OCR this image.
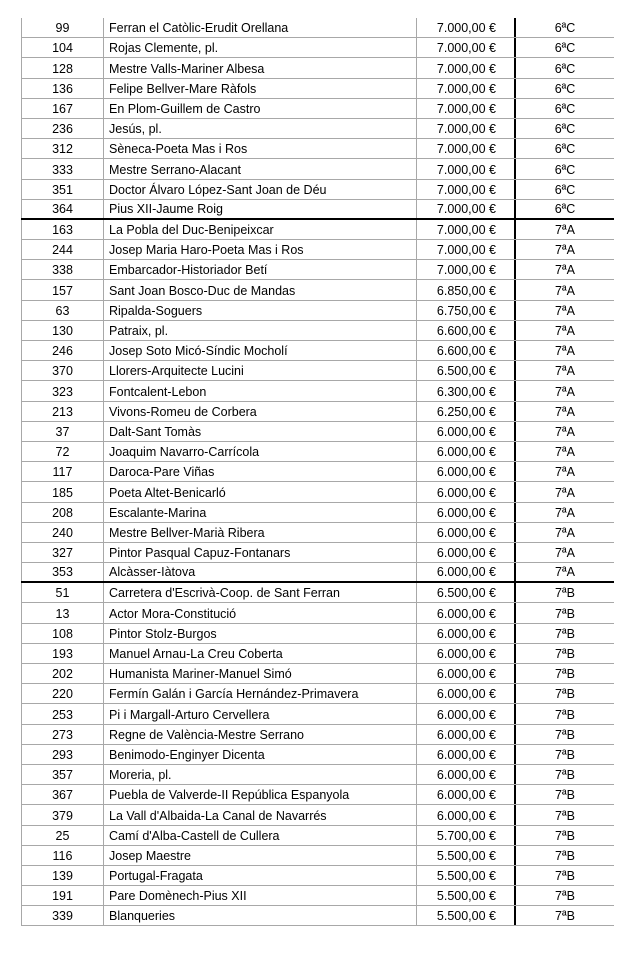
99	Ferran el Catòlic-Erudit Orellana	7.000,00 €	6ªC
104	Rojas Clemente, pl.	7.000,00 €	6ªC
128	Mestre Valls-Mariner Albesa	7.000,00 €	6ªC
136	Felipe Bellver-Mare Ràfols	7.000,00 €	6ªC
167	En Plom-Guillem de Castro	7.000,00 €	6ªC
236	Jesús, pl.	7.000,00 €	6ªC
312	Sèneca-Poeta Mas i Ros	7.000,00 €	6ªC
333	Mestre Serrano-Alacant	7.000,00 €	6ªC
351	Doctor Álvaro López-Sant Joan de Déu	7.000,00 €	6ªC
364	Pius XII-Jaume Roig	7.000,00 €	6ªC
163	La Pobla del Duc-Benipeixcar	7.000,00 €	7ªA
244	Josep Maria Haro-Poeta Mas i Ros	7.000,00 €	7ªA
338	Embarcador-Historiador Betí	7.000,00 €	7ªA
157	Sant Joan Bosco-Duc de Mandas	6.850,00 €	7ªA
63	Ripalda-Soguers	6.750,00 €	7ªA
130	Patraix, pl.	6.600,00 €	7ªA
246	Josep Soto Micó-Síndic Mocholí	6.600,00 €	7ªA
370	Llorers-Arquitecte Lucini	6.500,00 €	7ªA
323	Fontcalent-Lebon	6.300,00 €	7ªA
213	Vivons-Romeu de Corbera	6.250,00 €	7ªA
37	Dalt-Sant Tomàs	6.000,00 €	7ªA
72	Joaquim Navarro-Carrícola	6.000,00 €	7ªA
117	Daroca-Pare Viñas	6.000,00 €	7ªA
185	Poeta Altet-Benicarló	6.000,00 €	7ªA
208	Escalante-Marina	6.000,00 €	7ªA
240	Mestre Bellver-Marià Ribera	6.000,00 €	7ªA
327	Pintor Pasqual Capuz-Fontanars	6.000,00 €	7ªA
353	Alcàsser-Iàtova	6.000,00 €	7ªA
51	Carretera d'Escrivà-Coop. de Sant Ferran	6.500,00 €	7ªB
13	Actor Mora-Constitució	6.000,00 €	7ªB
108	Pintor Stolz-Burgos	6.000,00 €	7ªB
193	Manuel Arnau-La Creu Coberta	6.000,00 €	7ªB
202	Humanista Mariner-Manuel Simó	6.000,00 €	7ªB
220	Fermín Galán i García Hernández-Primavera	6.000,00 €	7ªB
253	Pi i Margall-Arturo Cervellera	6.000,00 €	7ªB
273	Regne de València-Mestre Serrano	6.000,00 €	7ªB
293	Benimodo-Enginyer Dicenta	6.000,00 €	7ªB
357	Moreria, pl.	6.000,00 €	7ªB
367	Puebla de Valverde-II República Espanyola	6.000,00 €	7ªB
379	La Vall d'Albaida-La Canal de Navarrés	6.000,00 €	7ªB
25	Camí d'Alba-Castell de Cullera	5.700,00 €	7ªB
116	Josep Maestre	5.500,00 €	7ªB
139	Portugal-Fragata	5.500,00 €	7ªB
191	Pare Domènech-Pius XII	5.500,00 €	7ªB
339	Blanqueries	5.500,00 €	7ªB
